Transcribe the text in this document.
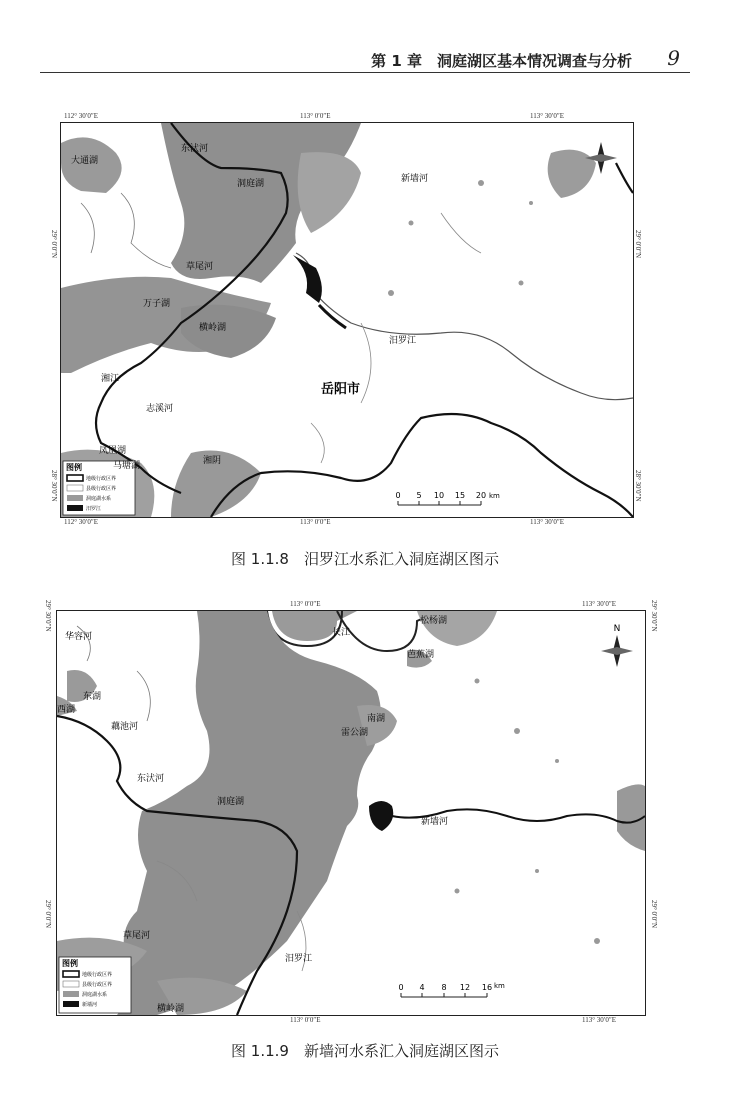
第 1 章　洞庭湖区基本情况调查与分析 9
112° 30′0″E	113° 0′0″E	113° 30′0″E
112° 30′0″E	113° 0′0″E	113° 30′0″E
29° 0′0″N
28° 30′0″N
29° 0′0″N
28° 30′0″N
图例
地级行政区界
县级行政区界
洞庭湖水系
汨罗江
0 5 10 15 20 km
大通湖
东汱河
洞庭湖	新墙河
草尾河
万子湖
横岭湖
汨罗江
岳阳市
湘江
志溪河
凤凰湖
马塘湖	湘阴
图 1.1.8　汨罗江水系汇入洞庭湖区图示
113° 0′0″E	113° 30′0″E
113° 0′0″E	113° 30′0″E
29° 30′0″N
29° 0′0″N
29° 30′0″N
29° 0′0″N
N
图例
地级行政区界
县级行政区界
洞庭湖水系
新墙河
0 4 8 12 16 km
长江
松杨湖
华容河
芭蕉湖
东湖
西湖
藕池河
南湖
雷公湖
东汱河
洞庭湖
新墙河
草尾河
汨罗江
横岭湖
图 1.1.9　新墙河水系汇入洞庭湖区图示
